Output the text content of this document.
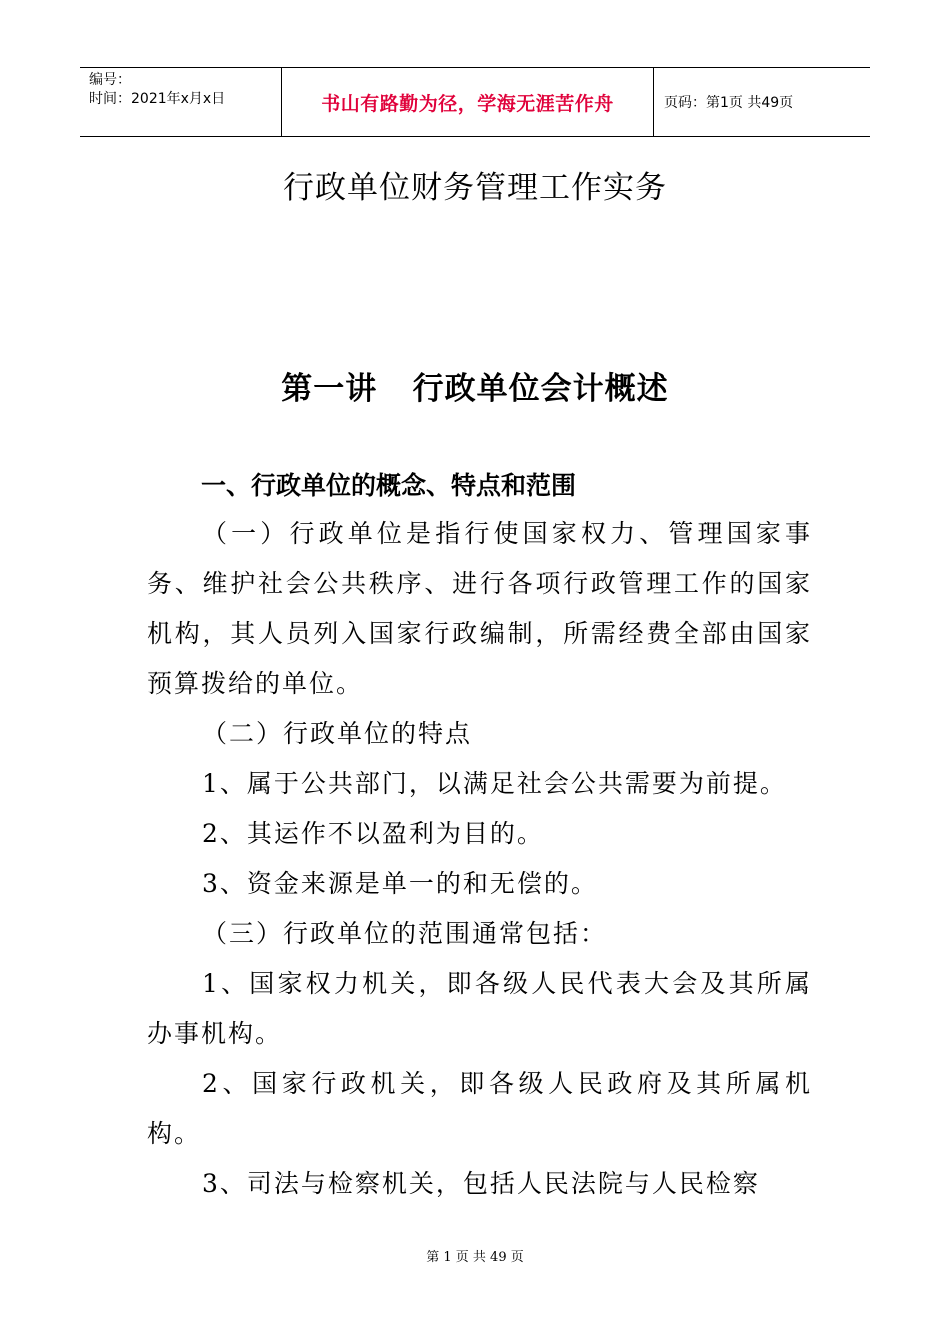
编号：
时间：2021年x月x日	书山有路勤为径，学海无涯苦作舟	页码：第1页 共49页
行政单位财务管理工作实务
第一讲   行政单位会计概述
一、行政单位的概念、特点和范围

（一）行政单位是指行使国家权力、管理国家事务、维护社会公共秩序、进行各项行政管理工作的国家机构，其人员列入国家行政编制，所需经费全部由国家预算拨给的单位。

（二）行政单位的特点

1、属于公共部门，以满足社会公共需要为前提。

2、其运作不以盈利为目的。

3、资金来源是单一的和无偿的。

（三）行政单位的范围通常包括：

1、国家权力机关，即各级人民代表大会及其所属办事机构。

2、国家行政机关，即各级人民政府及其所属机构。

3、司法与检察机关，包括人民法院与人民检察

第 1 页 共 49 页
